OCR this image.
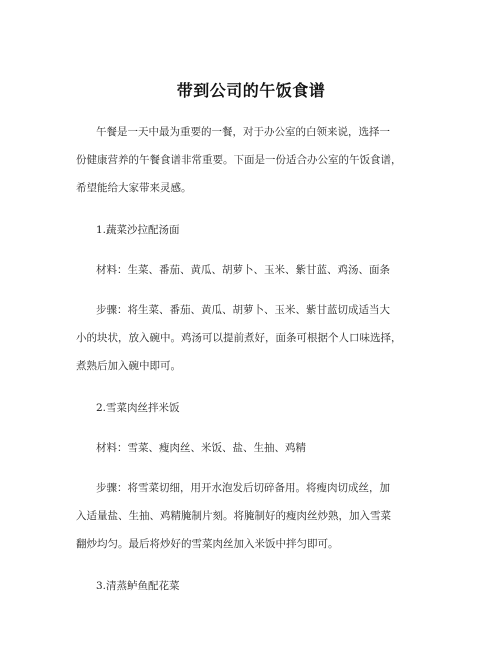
带到公司的午饭食谱
午餐是一天中最为重要的一餐，对于办公室的白领来说，选择一
份健康营养的午餐食谱非常重要。下面是一份适合办公室的午饭食谱，
希望能给大家带来灵感。
1.蔬菜沙拉配汤面
材料：生菜、番茄、黄瓜、胡萝卜、玉米、紫甘蓝、鸡汤、面条
步骤：将生菜、番茄、黄瓜、胡萝卜、玉米、紫甘蓝切成适当大
小的块状，放入碗中。鸡汤可以提前煮好，面条可根据个人口味选择，
煮熟后加入碗中即可。
2.雪菜肉丝拌米饭
材料：雪菜、瘦肉丝、米饭、盐、生抽、鸡精
步骤：将雪菜切细，用开水泡发后切碎备用。将瘦肉切成丝，加
入适量盐、生抽、鸡精腌制片刻。将腌制好的瘦肉丝炒熟，加入雪菜
翻炒均匀。最后将炒好的雪菜肉丝加入米饭中拌匀即可。
3.清蒸鲈鱼配花菜
